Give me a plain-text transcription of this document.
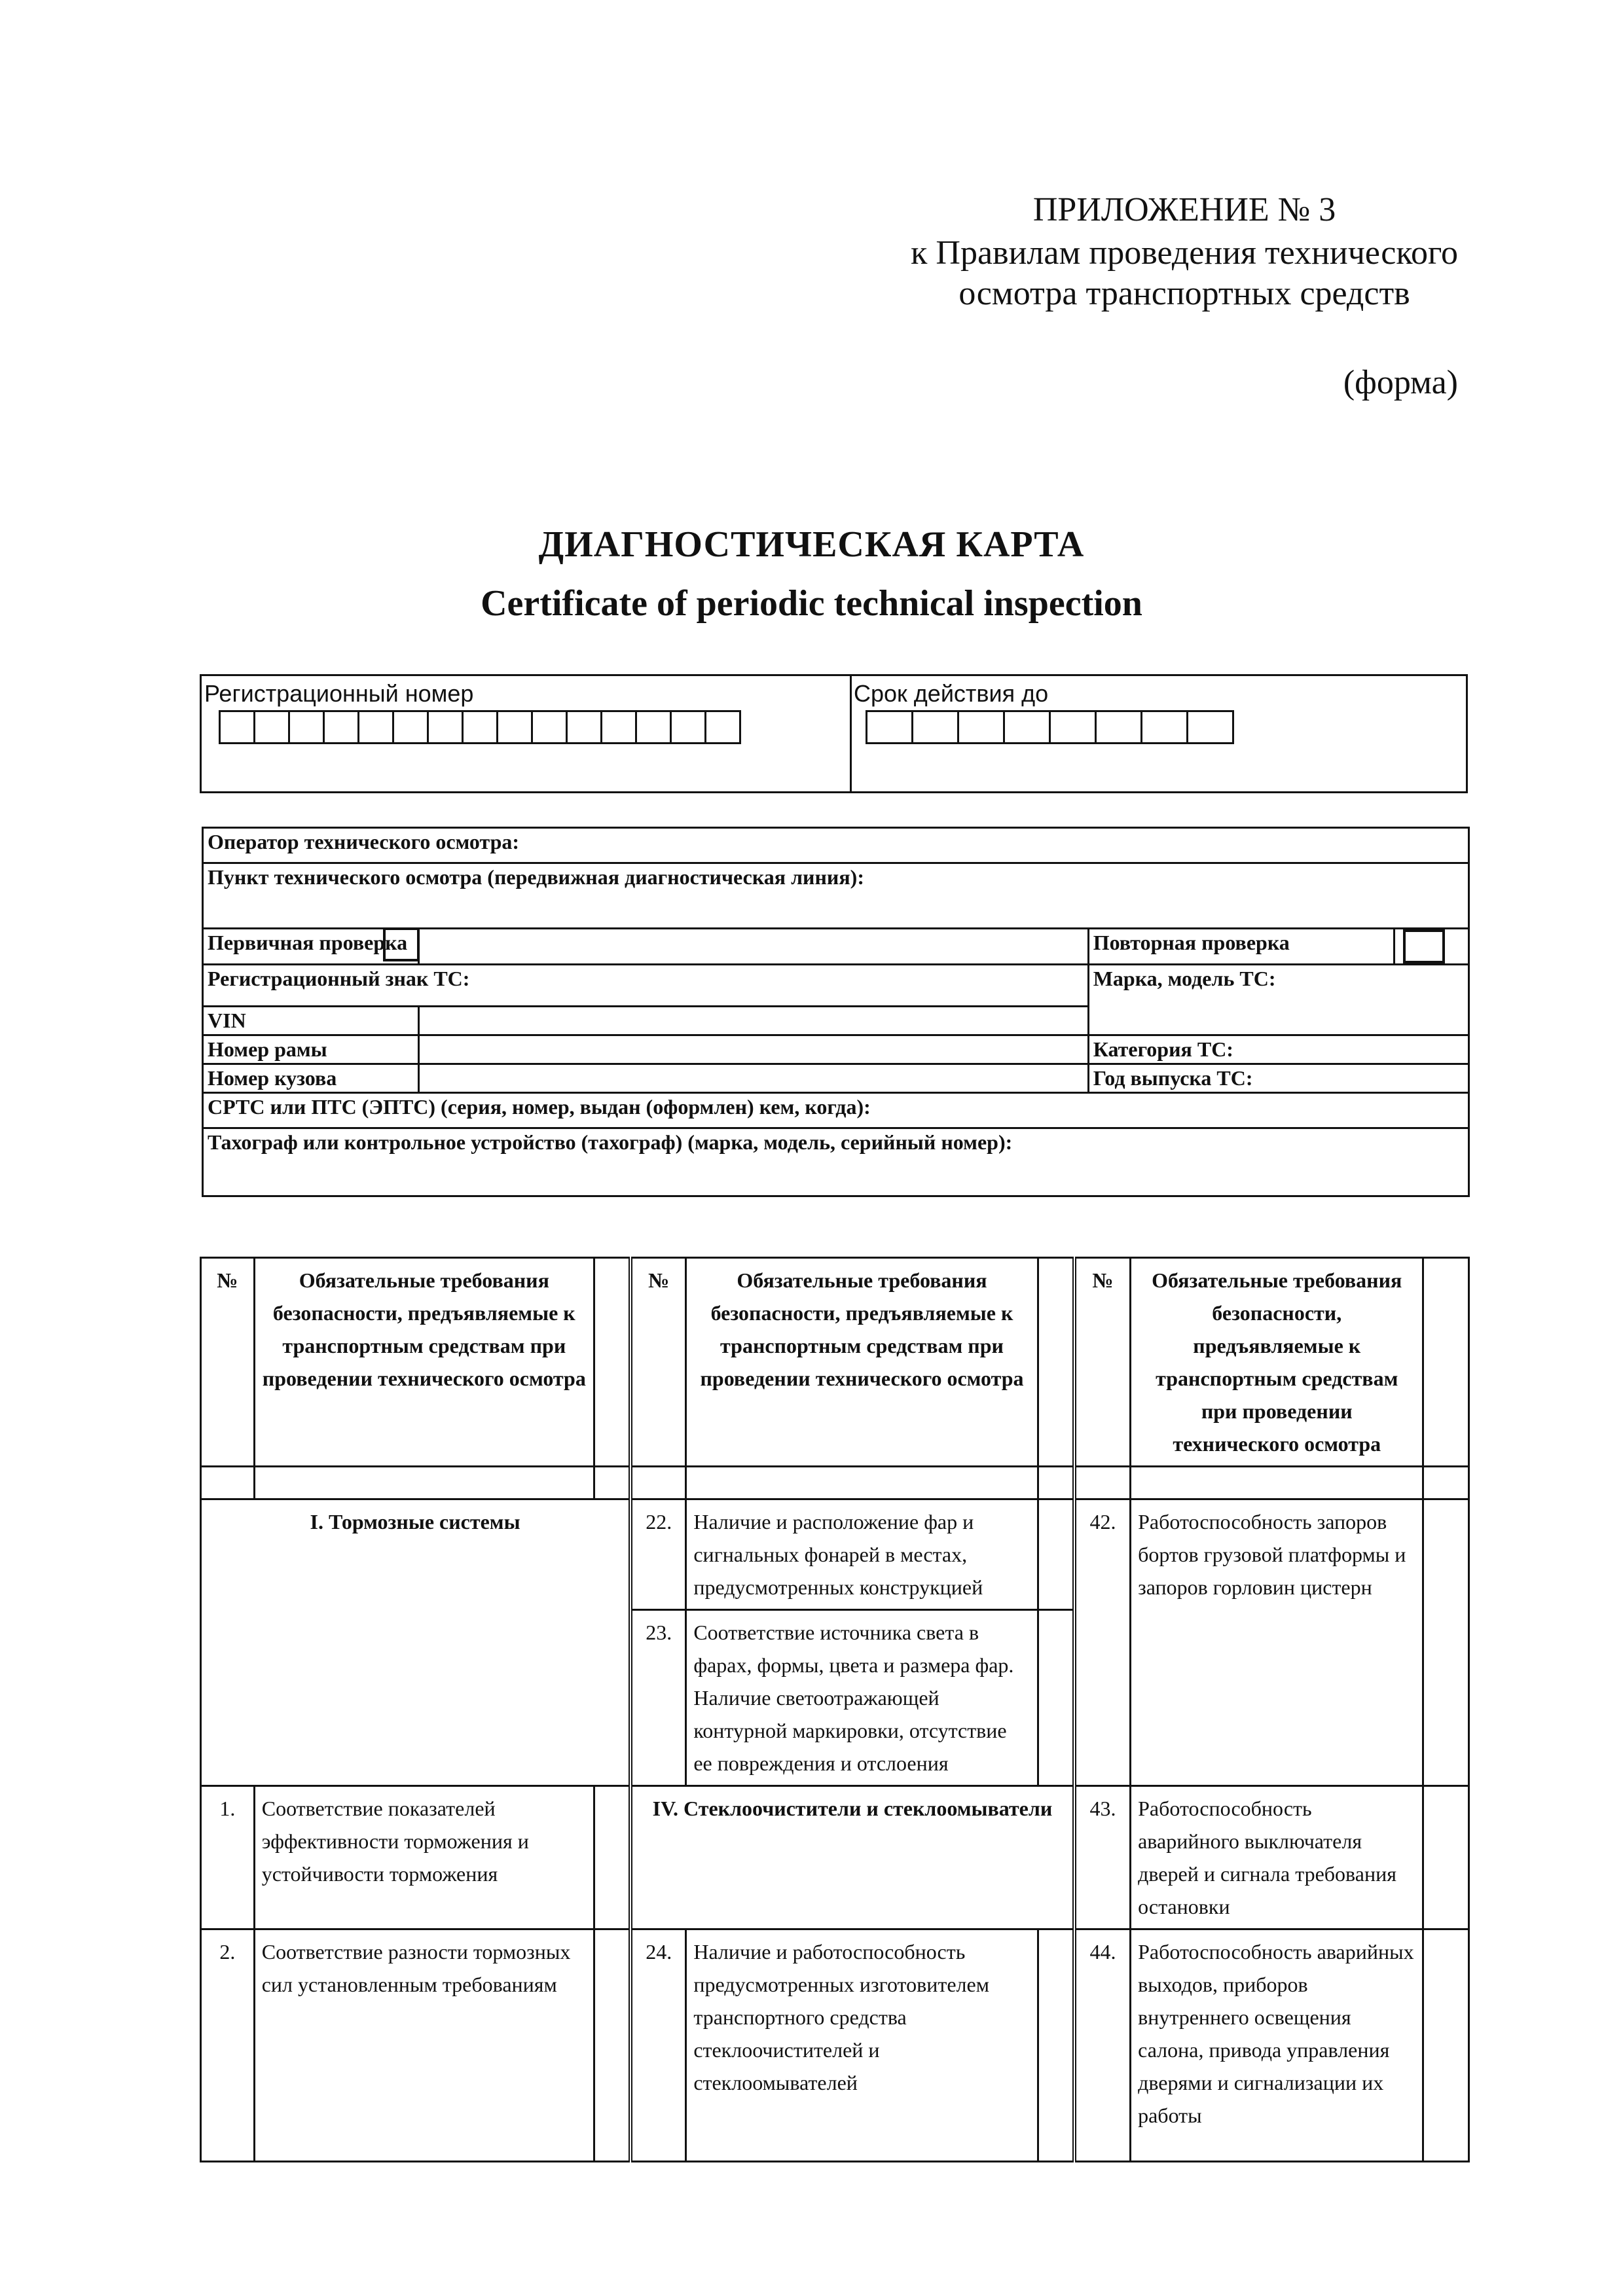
ПРИЛОЖЕНИЕ № 3
к Правилам проведения технического
осмотра транспортных средств
(форма)
ДИАГНОСТИЧЕСКАЯ КАРТА
Certificate of periodic technical inspection
Регистрационный номер	Срок действия до
Оператор технического осмотра:			
Пункт технического осмотра (передвижная диагностическая линия):			
Первичная проверка		Повторная проверка	
Регистрационный знак ТС:		Марка, модель ТС:	
VIN			
Номер рамы		Категория ТС:	
Номер кузова		Год выпуска ТС:	
СРТС или ПТС (ЭПТС) (серия, номер, выдан (оформлен) кем, когда):			
Тахограф или контрольное устройство (тахограф) (марка, модель, серийный номер):			
№	Обязательные требования безопасности, предъявляемые к транспортным средствам при проведении технического осмотра		№	Обязательные требования безопасности, предъявляемые к транспортным средствам при проведении технического осмотра		№	Обязательные требования безопасности, предъявляемые к транспортным средствам при проведении технического осмотра	

I. Тормозные системы			22.	Наличие и расположение фар и сигнальных фонарей в местах, предусмотренных конструкцией		42.	Работоспособность запоров бортов грузовой платформы и запоров горловин цистерн	
			23.	Соответствие источника света в фарах, формы, цвета и размера фар. Наличие светоотражающей контурной маркировки, отсутствие ее повреждения и отслоения				
1.	Соответствие показателей эффективности торможения и устойчивости торможения		IV. Стеклоочистители и стеклоомыватели			43.	Работоспособность аварийного выключателя дверей и сигнала требования остановки	
2.	Соответствие разности тормозных сил установленным требованиям		24.	Наличие и работоспособность предусмотренных изготовителем транспортного средства стеклоочистителей и стеклоомывателей		44.	Работоспособность аварийных выходов, приборов внутреннего освещения салона, привода управления дверями и сигнализации их работы	
